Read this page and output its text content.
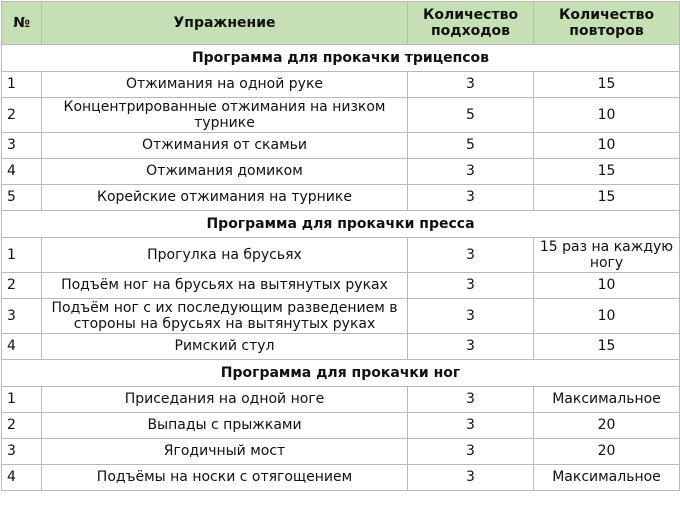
№	Упражнение	Количество подходов	Количество повторов
Программа для прокачки трицепсов			
1	Отжимания на одной руке	3	15
2	Концентрированные отжимания на низком турнике	5	10
3	Отжимания от скамьи	5	10
4	Отжимания домиком	3	15
5	Корейские отжимания на турнике	3	15
Программа для прокачки пресса			
1	Прогулка на брусьях	3	15 раз на каждую ногу
2	Подъём ног на брусьях на вытянутых руках	3	10
3	Подъём ног с их последующим разведением в стороны на брусьях на вытянутых руках	3	10
4	Римский стул	3	15
Программа для прокачки ног			
1	Приседания на одной ноге	3	Максимальное
2	Выпады с прыжками	3	20
3	Ягодичный мост	3	20
4	Подъёмы на носки с отягощением	3	Максимальное
